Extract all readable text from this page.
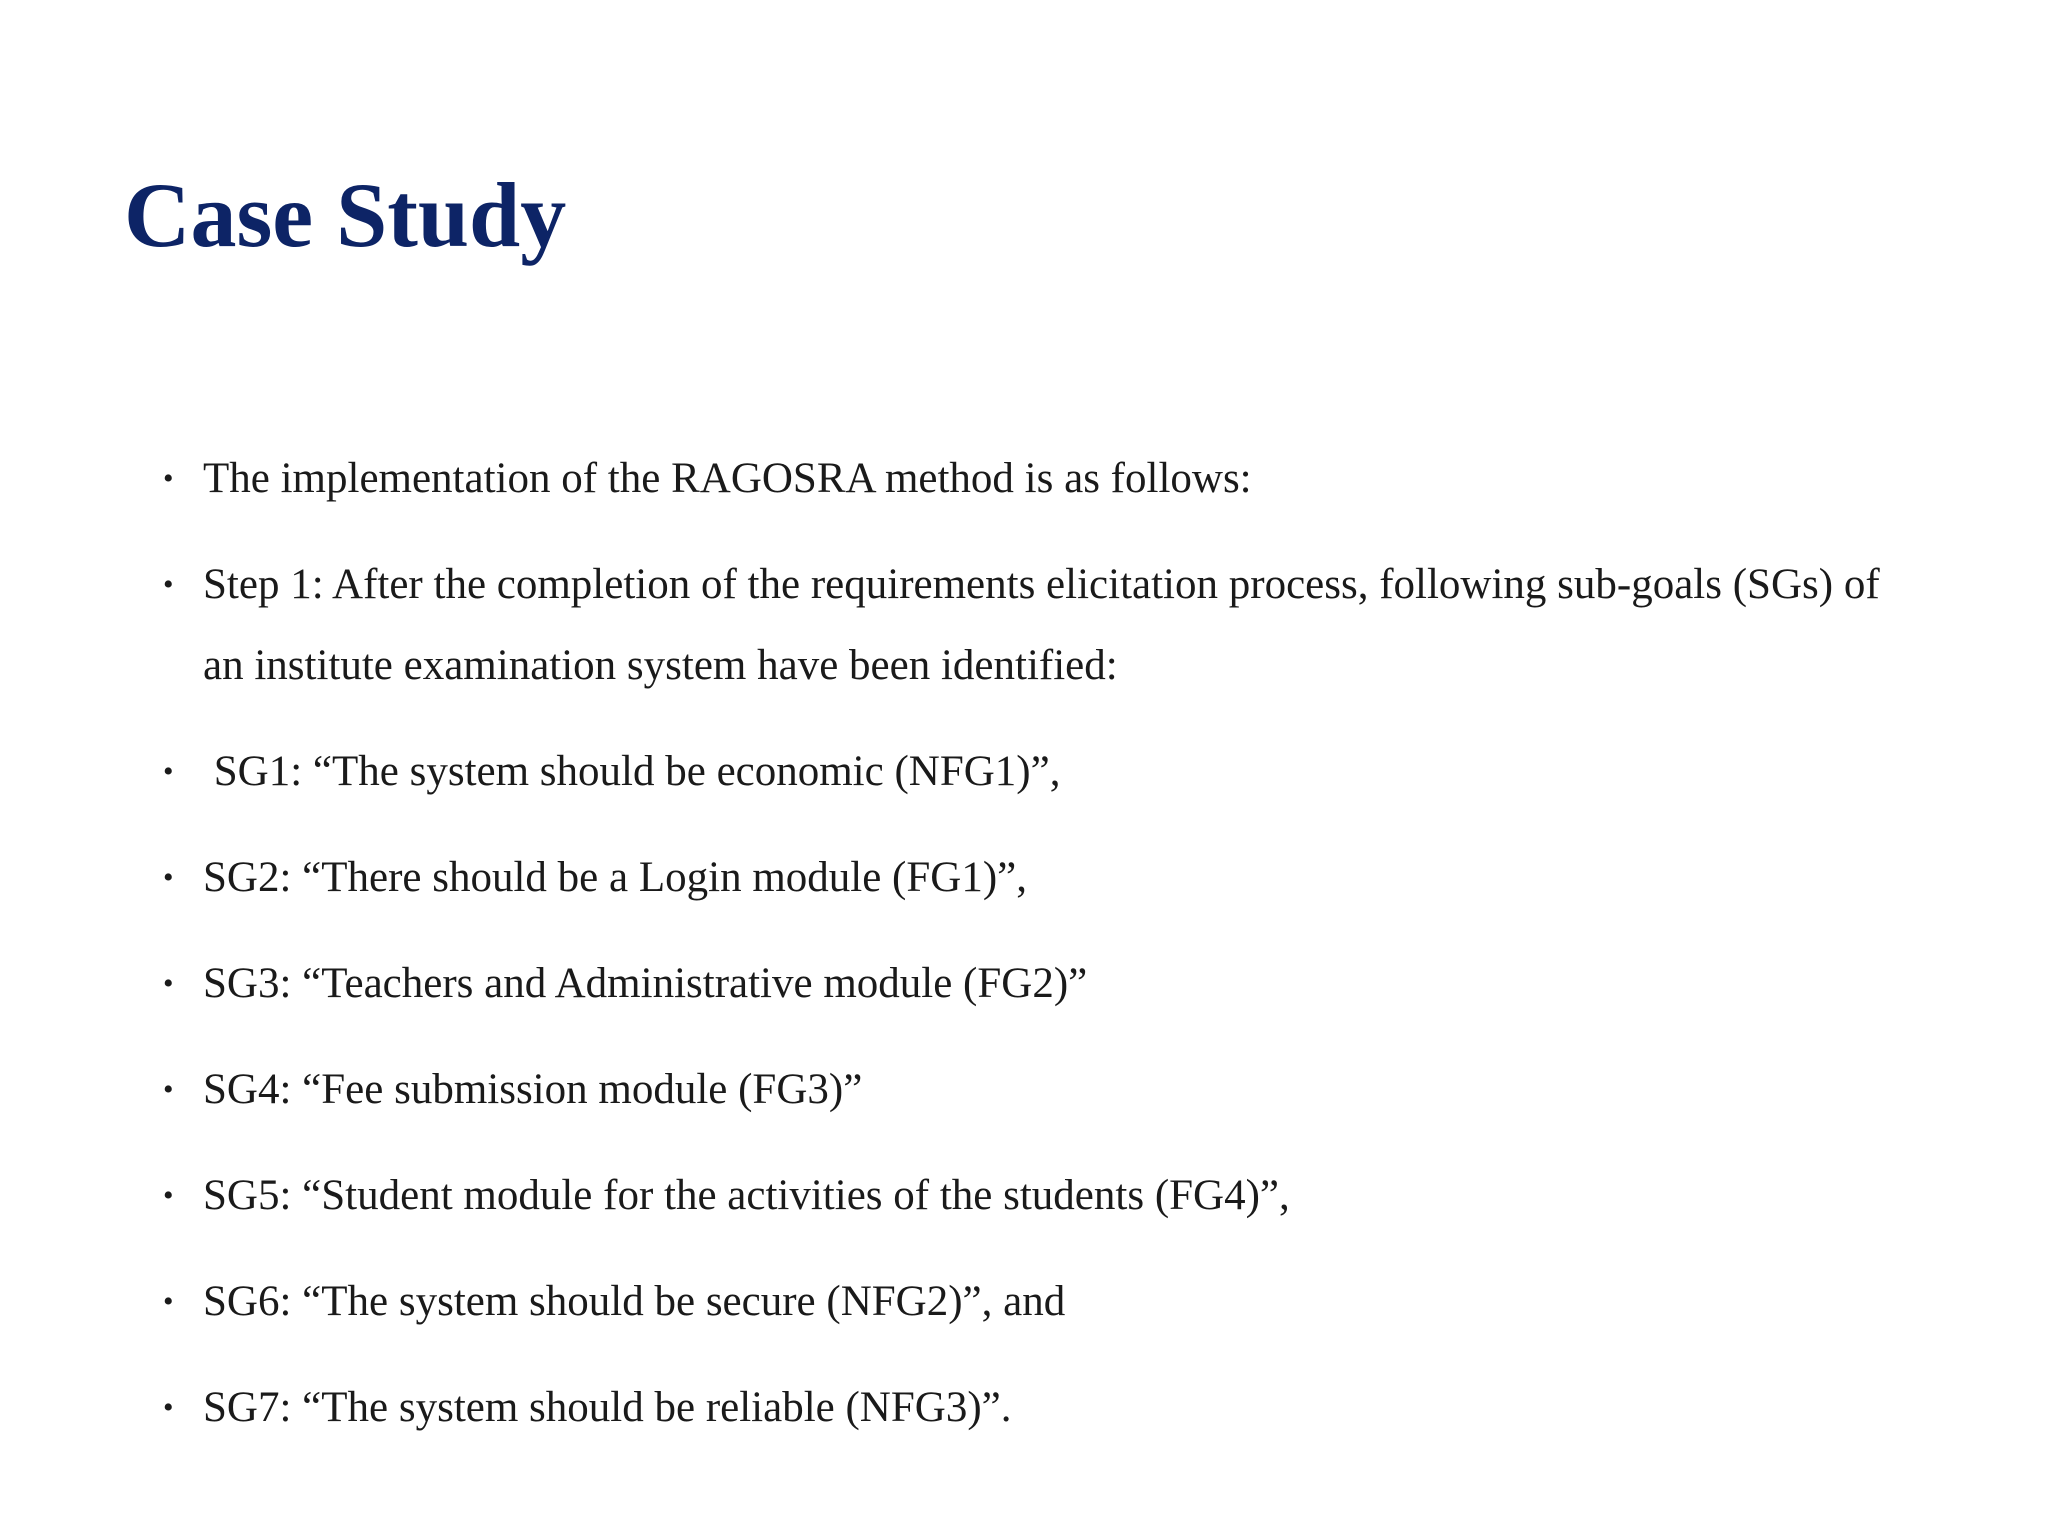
Case Study
• The implementation of the RAGOSRA method is as follows:
• Step 1: After the completion of the requirements elicitation process, following sub-goals (SGs) of an institute examination system have been identified:
• SG1: “The system should be economic (NFG1)”,
• SG2: “There should be a Login module (FG1)”,
• SG3: “Teachers and Administrative module (FG2)”
• SG4: “Fee submission module (FG3)”
• SG5: “Student module for the activities of the students (FG4)”,
• SG6: “The system should be secure (NFG2)”, and
• SG7: “The system should be reliable (NFG3)”.
